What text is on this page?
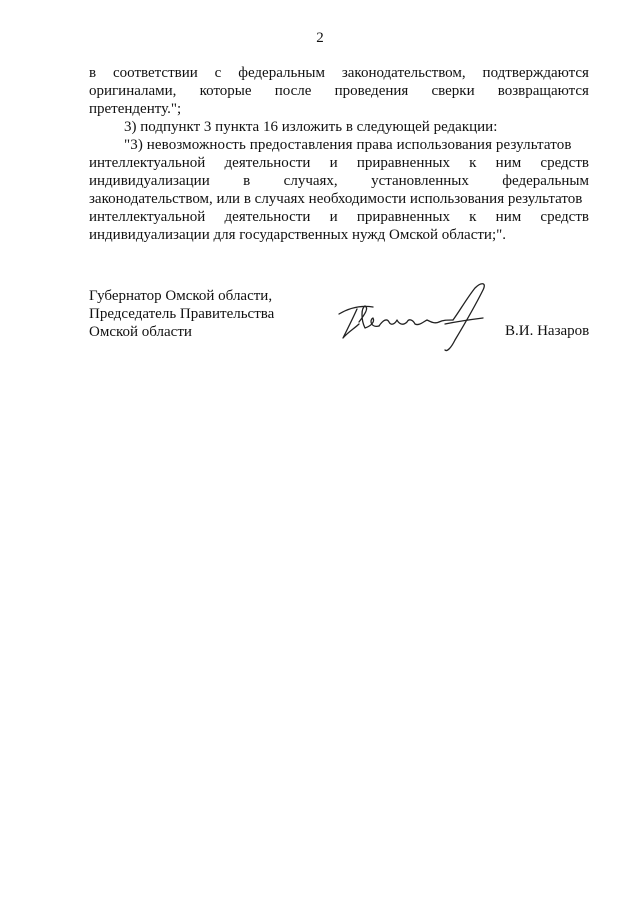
2
в соответствии с федеральным законодательством, подтверждаются
оригиналами, которые после проведения сверки возвращаются
претенденту.";
3) подпункт 3 пункта 16 изложить в следующей редакции:
"3) невозможность предоставления права использования результатов
интеллектуальной деятельности и приравненных к ним средств
индивидуализации в случаях, установленных федеральным
законодательством, или в случаях необходимости использования результатов
интеллектуальной деятельности и приравненных к ним средств
индивидуализации для государственных нужд Омской области;".
Губернатор Омской области,
Председатель Правительства
Омской области	В.И. Назаров
